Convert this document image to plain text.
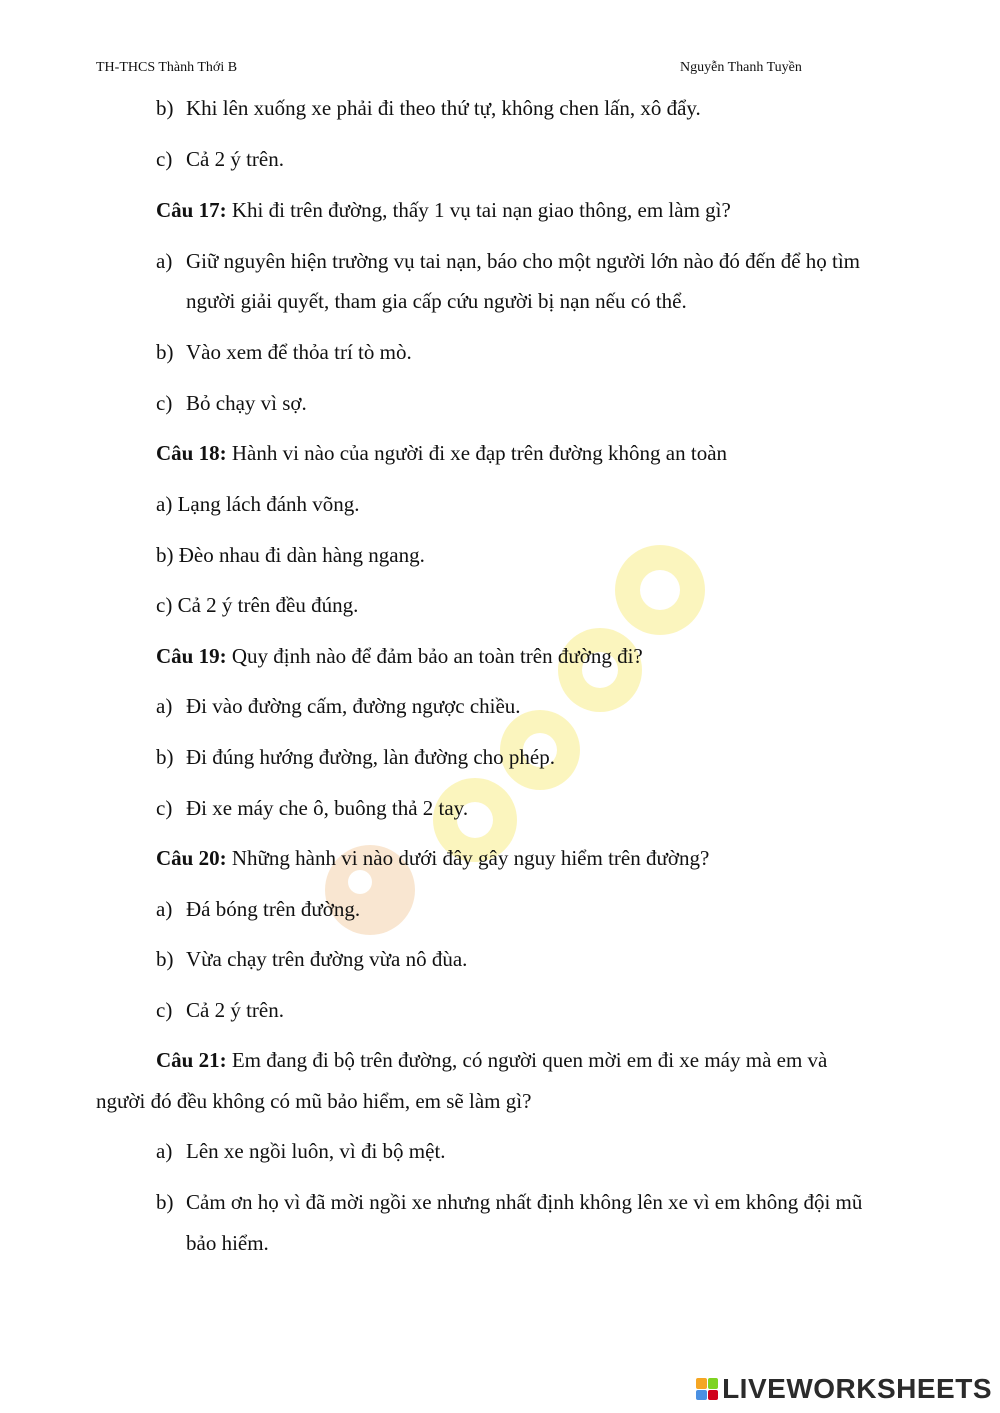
TH-THCS Thành Thới B	Nguyễn Thanh Tuyền
b) Khi lên xuống xe phải đi theo thứ tự, không chen lấn, xô đẩy.
c) Cả 2 ý trên.
Câu 17: Khi đi trên đường, thấy 1 vụ tai nạn giao thông, em làm gì?
a) Giữ nguyên hiện trường vụ tai nạn, báo cho một người lớn nào đó đến để họ tìm
người giải quyết, tham gia cấp cứu người bị nạn nếu có thể.
b) Vào xem để thỏa trí tò mò.
c) Bỏ chạy vì sợ.
Câu 18: Hành vi nào của người đi xe đạp trên đường không an toàn
a) Lạng lách đánh võng.
b) Đèo nhau đi dàn hàng ngang.
c) Cả 2 ý trên đều đúng.
Câu 19: Quy định nào để đảm bảo an toàn trên đường đi?
a) Đi vào đường cấm, đường ngược chiều.
b) Đi đúng hướng đường, làn đường cho phép.
c) Đi xe máy che ô, buông thả 2 tay.
Câu 20: Những hành vi nào dưới đây gây nguy hiểm trên đường?
a) Đá bóng trên đường.
b) Vừa chạy trên đường vừa nô đùa.
c) Cả 2 ý trên.
Câu 21: Em đang đi bộ trên đường, có người quen mời em đi xe máy mà em và
người đó đều không có mũ bảo hiểm, em sẽ làm gì?
a) Lên xe ngồi luôn, vì đi bộ mệt.
b) Cảm ơn họ vì đã mời ngồi xe nhưng nhất định không lên xe vì em không đội mũ
bảo hiểm.
LIVEWORKSHEETS
